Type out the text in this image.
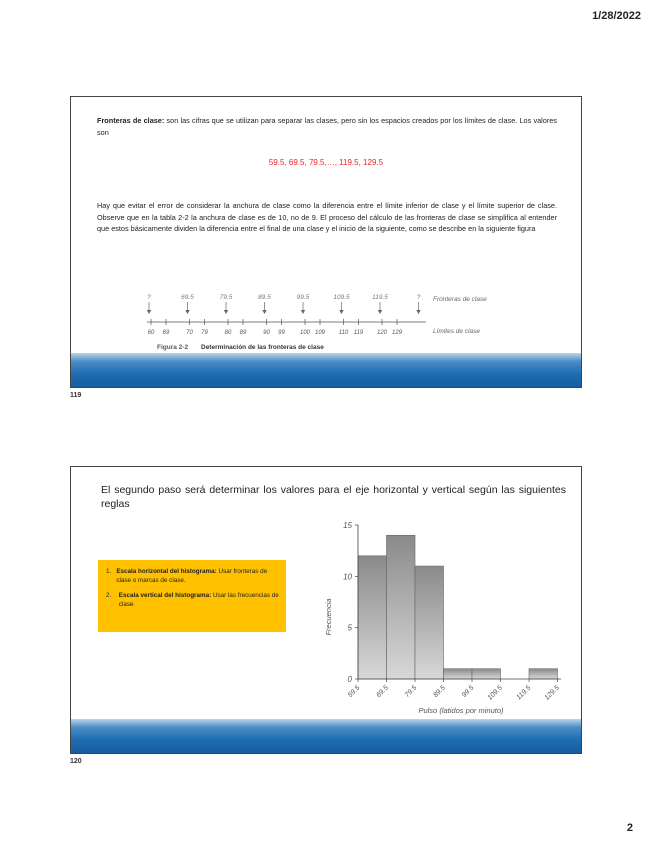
1/28/2022
Fronteras de clase: son las cifras que se utilizan para separar las clases, pero sin los espacios creados por los límites de clase. Los valores son
59.5, 69.5, 79.5,…, 119.5, 129.5
Hay que evitar el error de considerar la anchura de clase como la diferencia entre el límite inferior de clase y el límite superior de clase. Observe que en la tabla 2-2 la anchura de clase es de 10, no de 9. El proceso del cálculo de las fronteras de clase se simplifica al entender que estos básicamente dividen la diferencia entre el final de una clase y el inicio de la siguiente, como se describe en la siguiente figura
?	69.5	79.5	89.5	99.5	109.5	119.5	? Fronteras de clase
60 69	70 79	80 89	90 99	100 109 110 119 120 129	Límites de clase
Figura 2-2 Determinación de las fronteras de clase
119
El segundo paso será determinar los valores para el eje horizontal y vertical según las siguientes reglas
1. Escala horizontal del histograma: Usar fronteras de clase o marcas de clase.
2.	Escala vertical del histograma: Usar las frecuencias de clase
0
5
10
15
59.5 69.5 79.5 89.5 99.5 109.5 119.5 129.5
Frecuencia
Pulso (latidos por minuto)
120
2
